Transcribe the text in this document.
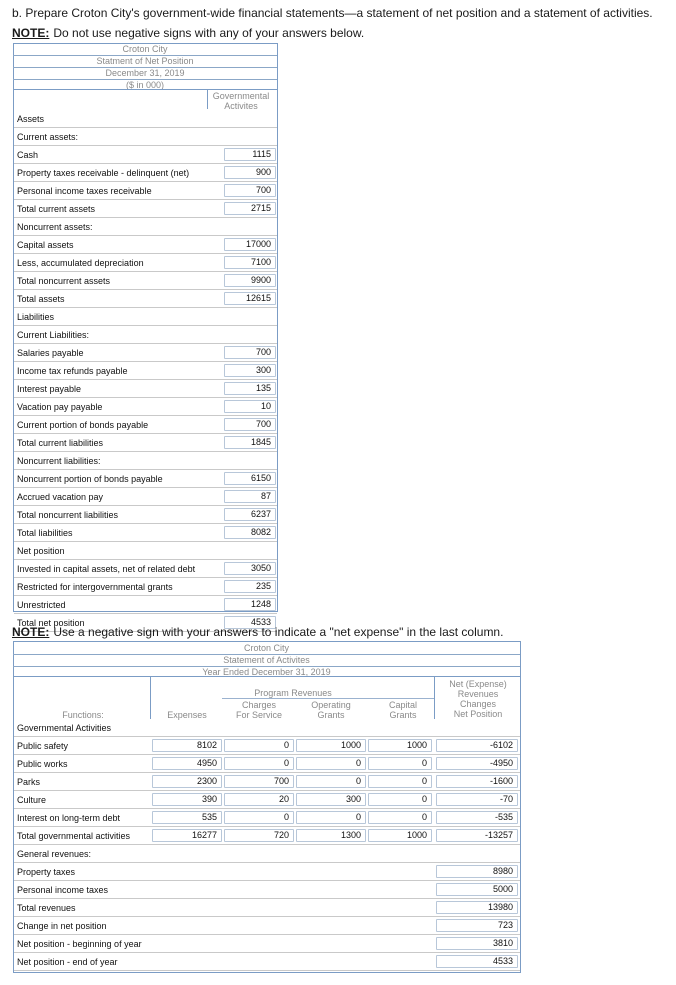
b. Prepare Croton City's government-wide financial statements—a statement of net position and a statement of activities.
NOTE: Do not use negative signs with any of your answers below.
Croton City
Statment of Net Position
December 31, 2019
($ in 000)
Governmental
Activites
Assets
Current assets:
Cash	1115
Property taxes receivable - delinquent (net)	900
Personal income taxes receivable	700
Total current assets	2715
Noncurrent assets:
Capital assets	17000
Less, accumulated depreciation	7100
Total noncurrent assets	9900
Total assets	12615
Liabilities
Current Liabilities:
Salaries payable	700
Income tax refunds payable	300
Interest payable	135
Vacation pay payable	10
Current portion of bonds payable	700
Total current liabilities	1845
Noncurrent liabilities:
Noncurrent portion of bonds payable	6150
Accrued vacation pay	87
Total noncurrent liabilities	6237
Total liabilities	8082
Net position
Invested in capital assets, net of related debt	3050
Restricted for intergovernmental grants	235
Unrestricted	1248
Total net position	4533
NOTE: Use a negative sign with your answers to indicate a "net expense" in the last column.
Croton City
Statement of Activites
Year Ended December 31, 2019
Program Revenues
Functions:	Expenses
Charges
For Service
Operating
Grants
Capital
Grants
Net (Expense)
Revenues
Changes
Net Position
Governmental Activities
Public safety	8102	0	1000	1000	-6102
Public works	4950	0	0	0	-4950
Parks	2300	700	0	0	-1600
Culture	390	20	300	0	-70
Interest on long-term debt	535	0	0	0	-535
Total governmental activities	16277	720	1300	1000	-13257
General revenues:
Property taxes	8980
Personal income taxes	5000
Total revenues	13980
Change in net position	723
Net position - beginning of year	3810
Net position - end of year	4533
